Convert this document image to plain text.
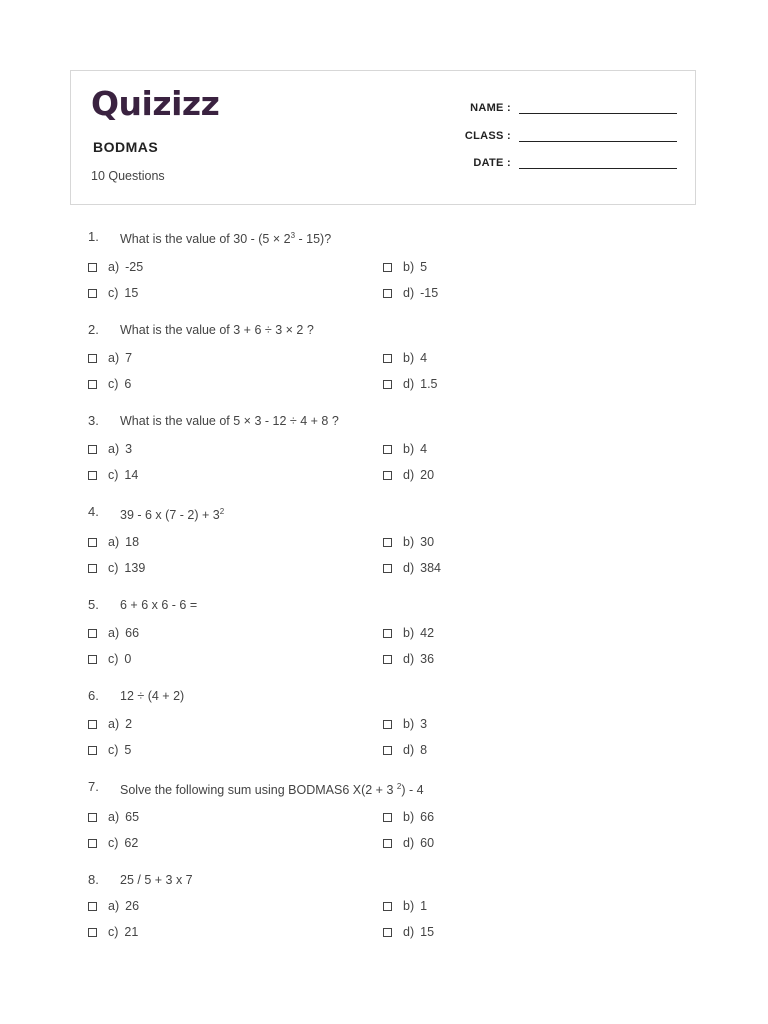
Quizizz
BODMAS
10 Questions
NAME :
CLASS :
DATE :
1. What is the value of $30 - (5 \times 2^3 - 15)$?
a) -25	b) 5
c) 15	d) -15
2. What is the value of 3 + 6 ÷ 3 × 2 ?
a) 7	b) 4
c) 6	d) 1.5
3. What is the value of 5 × 3 - 12 ÷ 4 + 8 ?
a) 3	b) 4
c) 14	d) 20
4. 39 - 6 x $(7 - 2) + 3^2$
a) 18	b) 30
c) 139	d) 384
5. 6 + 6 x 6 - 6 =
a) 66	b) 42
c) 0	d) 36
6. 12 ÷ (4 + 2)
a) 2	b) 3
c) 5	d) 8
7. Solve the following sum using BODMAS6 X(2 + 3 $^2$) - 4
a) 65	b) 66
c) 62	d) 60
8. 25 / 5 + 3 x 7
a) 26	b) 1
c) 21	d) 15
